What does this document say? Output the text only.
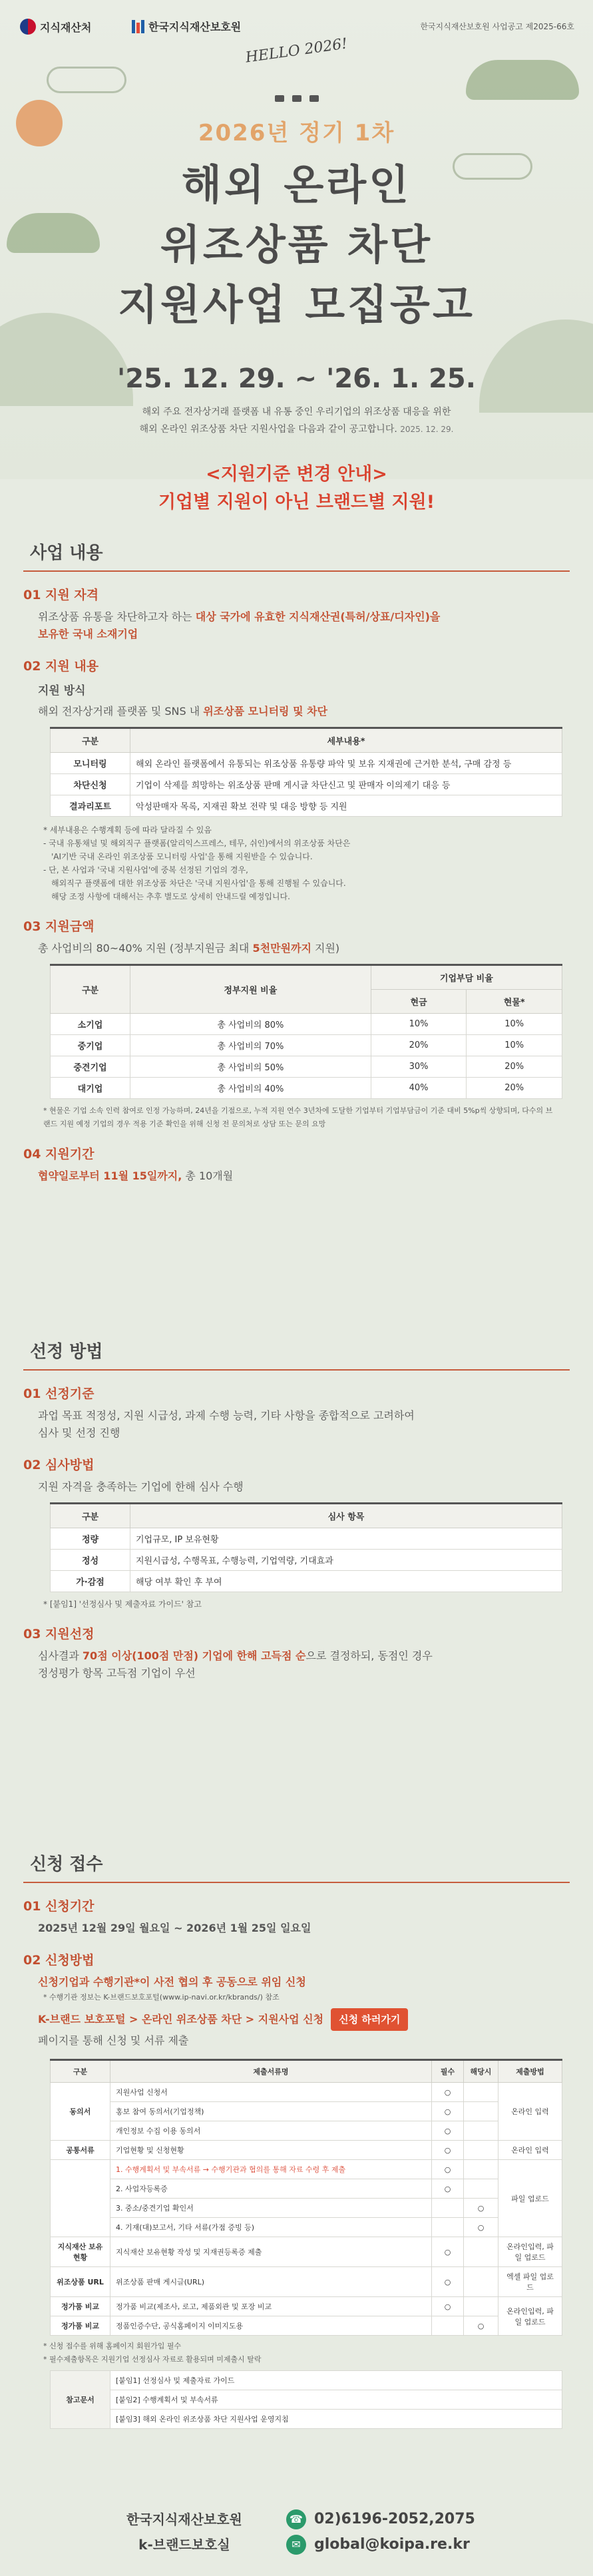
지식재산처	한국지식재산보호원	한국지식재산보호원 사업공고 제2025-66호
HELLO 2026!
2026년 정기 1차
해외 온라인
위조상품 차단
지원사업 모집공고
'25. 12. 29. ~ '26. 1. 25.
해외 주요 전자상거래 플랫폼 내 유통 중인 우리기업의 위조상품 대응을 위한
해외 온라인 위조상품 차단 지원사업을 다음과 같이 공고합니다. 2025. 12. 29.
<지원기준 변경 안내>
기업별 지원이 아닌 브랜드별 지원!
사업 내용
01 지원 자격
위조상품 유통을 차단하고자 하는 대상 국가에 유효한 지식재산권(특허/상표/디자인)을
보유한 국내 소재기업
02 지원 내용
지원 방식
해외 전자상거래 플랫폼 및 SNS 내 위조상품 모니터링 및 차단
구분	세부내용*
모니터링	해외 온라인 플랫폼에서 유통되는 위조상품 유통량 파악 및 보유 지재권에 근거한 분석, 구매 감정 등
차단신청	기업이 삭제를 희망하는 위조상품 판매 게시글 차단신고 및 판매자 이의제기 대응 등
결과리포트	악성판매자 목록, 지재권 확보 전략 및 대응 방향 등 지원
* 세부내용은 수행계획 등에 따라 달라질 수 있음
- 국내 유통채널 및 해외직구 플랫폼(알리익스프레스, 테무, 쉬인)에서의 위조상품 차단은
'AI기반 국내 온라인 위조상품 모니터링 사업'을 통해 지원받을 수 있습니다.
- 단, 본 사업과 '국내 지원사업'에 중복 선정된 기업의 경우,
해외직구 플랫폼에 대한 위조상품 차단은 '국내 지원사업'을 통해 진행될 수 있습니다.
해당 조정 사항에 대해서는 추후 별도로 상세히 안내드릴 예정입니다.
03 지원금액
총 사업비의 80~40% 지원 (정부지원금 최대 5천만원까지 지원)
구분	정부지원 비율	기업부담 비율	
		현금	현물*
소기업	총 사업비의 80%	10%	10%
중기업	총 사업비의 70%	20%	10%
중견기업	총 사업비의 50%	30%	20%
대기업	총 사업비의 40%	40%	20%
* 현물은 기업 소속 인력 참여로 인정 가능하며, 24년을 기점으로, 누적 지원 연수 3년차에 도달한 기업부터 기업부담금이 기준 대비 5%p씩 상향되며, 다수의 브랜드 지원 예정 기업의 경우 적용 기준 확인을 위해 신청 전 문의처로 상담 또는 문의 요망
04 지원기간
협약일로부터 11월 15일까지, 총 10개월
선정 방법
01 선정기준
과업 목표 적정성, 지원 시급성, 과제 수행 능력, 기타 사항을 종합적으로 고려하여
심사 및 선정 진행
02 심사방법
지원 자격을 충족하는 기업에 한해 심사 수행
구분	심사 항목
정량	기업규모, IP 보유현황
정성	지원시급성, 수행목표, 수행능력, 기업역량, 기대효과
가·감점	해당 여부 확인 후 부여
* [붙임1] '선정심사 및 제출자료 가이드' 참고
03 지원선정
심사결과 70점 이상(100점 만점) 기업에 한해 고득점 순으로 결정하되, 동점인 경우
정성평가 항목 고득점 기업이 우선
신청 접수
01 신청기간
2025년 12월 29일 월요일 ~ 2026년 1월 25일 일요일
02 신청방법
신청기업과 수행기관*이 사전 협의 후 공동으로 위임 신청
* 수행기관 정보는 K-브랜드보호포털(www.ip-navi.or.kr/kbrands/) 참조
K-브랜드 보호포털 > 온라인 위조상품 차단 > 지원사업 신청 신청 하러가기
페이지를 통해 신청 및 서류 제출
구분	제출서류명	필수	해당시	제출방법
동의서	지원사업 신청서	○		온라인 입력
	홍보 참여 동의서(기업정책)	○		
	개인정보 수집 이용 동의서	○		
공통서류	기업현황 및 신청현황	○		온라인 입력
	1. 수행계획서 및 부속서류 → 수행기관과 협의를 통해 자료 수령 후 제출	○		파일 업로드
	2. 사업자등록증	○		
	3. 중소/중견기업 확인서		○	
	4. 기재(대)보고서, 기타 서류(가점 증빙 등)		○	
지식재산 보유현황	지식재산 보유현황 작성 및 지재권등록증 제출	○		온라인입력, 파일 업로드
위조상품 URL	위조상품 판매 게시글(URL)	○		엑셀 파일 업로드
정가품 비교	정가품 비교(제조사, 로고, 제품외관 및 포장 비교	○		온라인입력, 파일 업로드
정가품 비교	정품인증수단, 공식홈페이지 이미지도용		○	
* 신청 접수를 위해 홈페이지 회원가입 필수
* 필수제출항목은 지원기업 선정심사 자료로 활용되며 미제출시 탈락
참고문서	[붙임1] 선정심사 및 제출자료 가이드
[붙임2] 수행계획서 및 부속서류
[붙임3] 해외 온라인 위조상품 차단 지원사업 운영지침
한국지식재산보호원
k-브랜드보호실
☎ 02)6196-2052,2075
✉ global@koipa.re.kr
